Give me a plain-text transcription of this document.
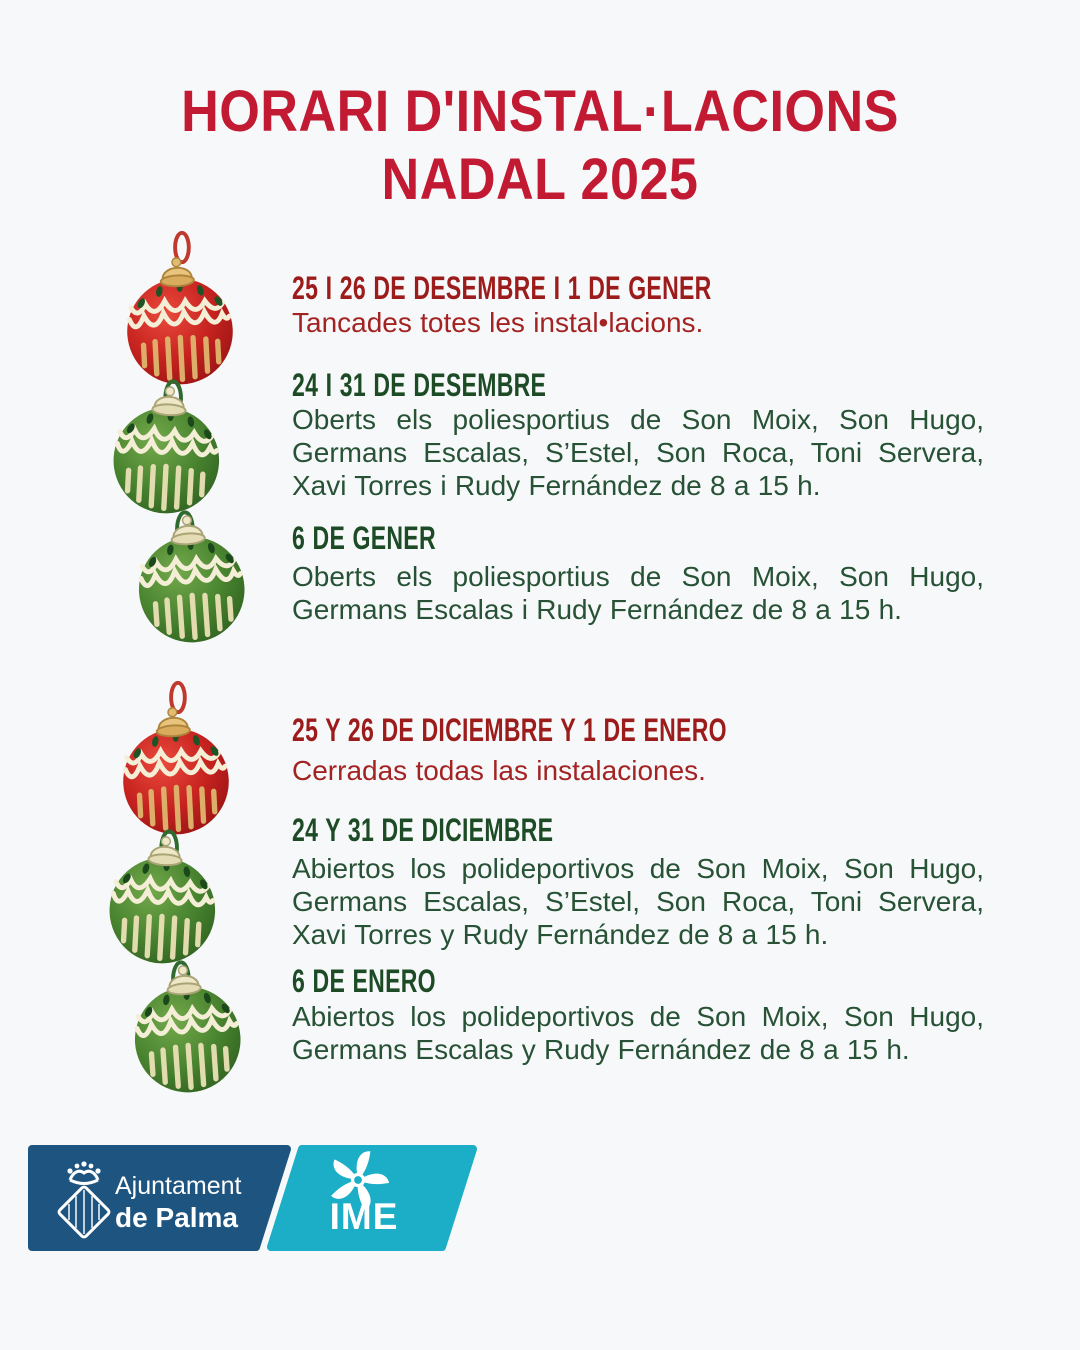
HORARI D'INSTAL·LACIONS
NADAL 2025
25 I 26 DE DESEMBRE I 1 DE GENER

Tancades totes les instal•lacions.

24 I 31 DE DESEMBRE

Oberts els poliesportius de Son Moix, Son Hugo, Germans Escalas, S’Estel, Son Roca, Toni Servera, Xavi Torres i Rudy Fernández de 8 a 15 h.

6 DE GENER

Oberts els poliesportius de Son Moix, Son Hugo, Germans Escalas i Rudy Fernández de 8 a 15 h.

25 Y 26 DE DICIEMBRE Y 1 DE ENERO

Cerradas todas las instalaciones.

24 Y 31 DE DICIEMBRE

Abiertos los polideportivos de Son Moix, Son Hugo, Germans Escalas, S’Estel, Son Roca, Toni Servera, Xavi Torres y Rudy Fernández de 8 a 15 h.

6 DE ENERO

Abiertos los polideportivos de Son Moix, Son Hugo, Germans Escalas y Rudy Fernández de 8 a 15 h.

Ajuntament
de Palma IME
